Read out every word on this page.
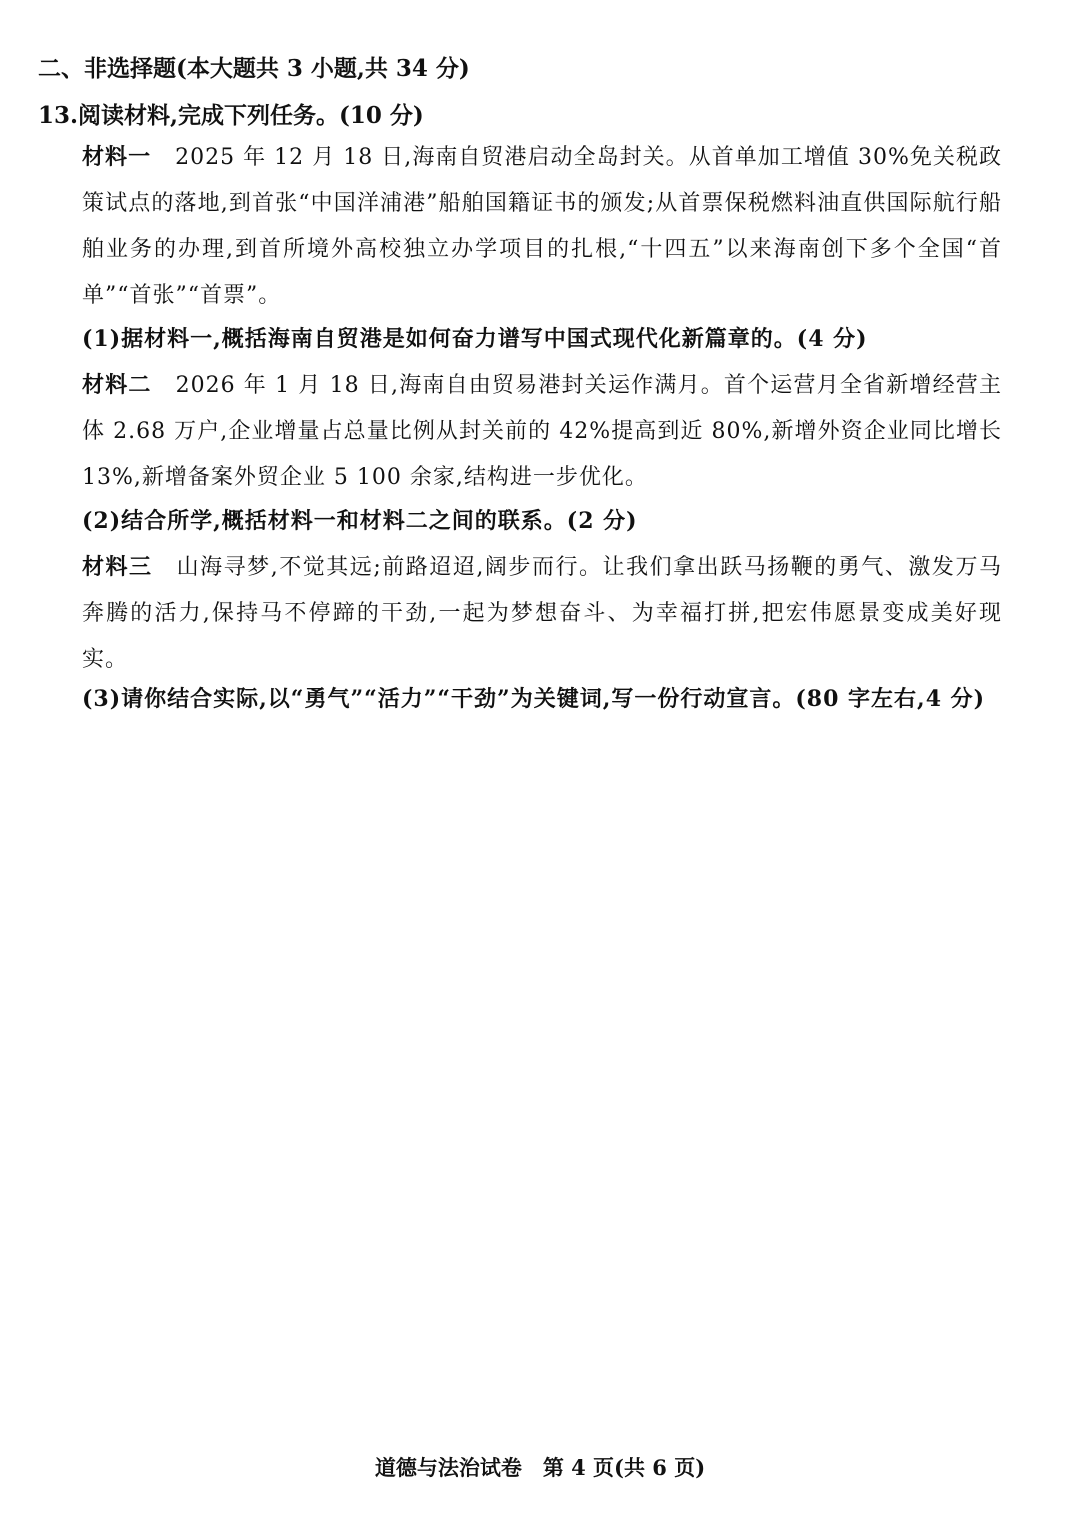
二、非选择题(本大题共 3 小题,共 34 分)
13.阅读材料,完成下列任务。(10 分)
材料一 2025 年 12 月 18 日,海南自贸港启动全岛封关。从首单加工增值 30%免关税政策试点的落地,到首张“中国洋浦港”船舶国籍证书的颁发;从首票保税燃料油直供国际航行船舶业务的办理,到首所境外高校独立办学项目的扎根,“十四五”以来海南创下多个全国“首单”“首张”“首票”。
(1)据材料一,概括海南自贸港是如何奋力谱写中国式现代化新篇章的。(4 分)
材料二 2026 年 1 月 18 日,海南自由贸易港封关运作满月。首个运营月全省新增经营主体 2.68 万户,企业增量占总量比例从封关前的 42%提高到近 80%,新增外资企业同比增长 13%,新增备案外贸企业 5 100 余家,结构进一步优化。
(2)结合所学,概括材料一和材料二之间的联系。(2 分)
材料三 山海寻梦,不觉其远;前路迢迢,阔步而行。让我们拿出跃马扬鞭的勇气、激发万马奔腾的活力,保持马不停蹄的干劲,一起为梦想奋斗、为幸福打拼,把宏伟愿景变成美好现实。
(3)请你结合实际,以“勇气”“活力”“干劲”为关键词,写一份行动宣言。(80 字左右,4 分)
道德与法治试卷　第 4 页(共 6 页)
